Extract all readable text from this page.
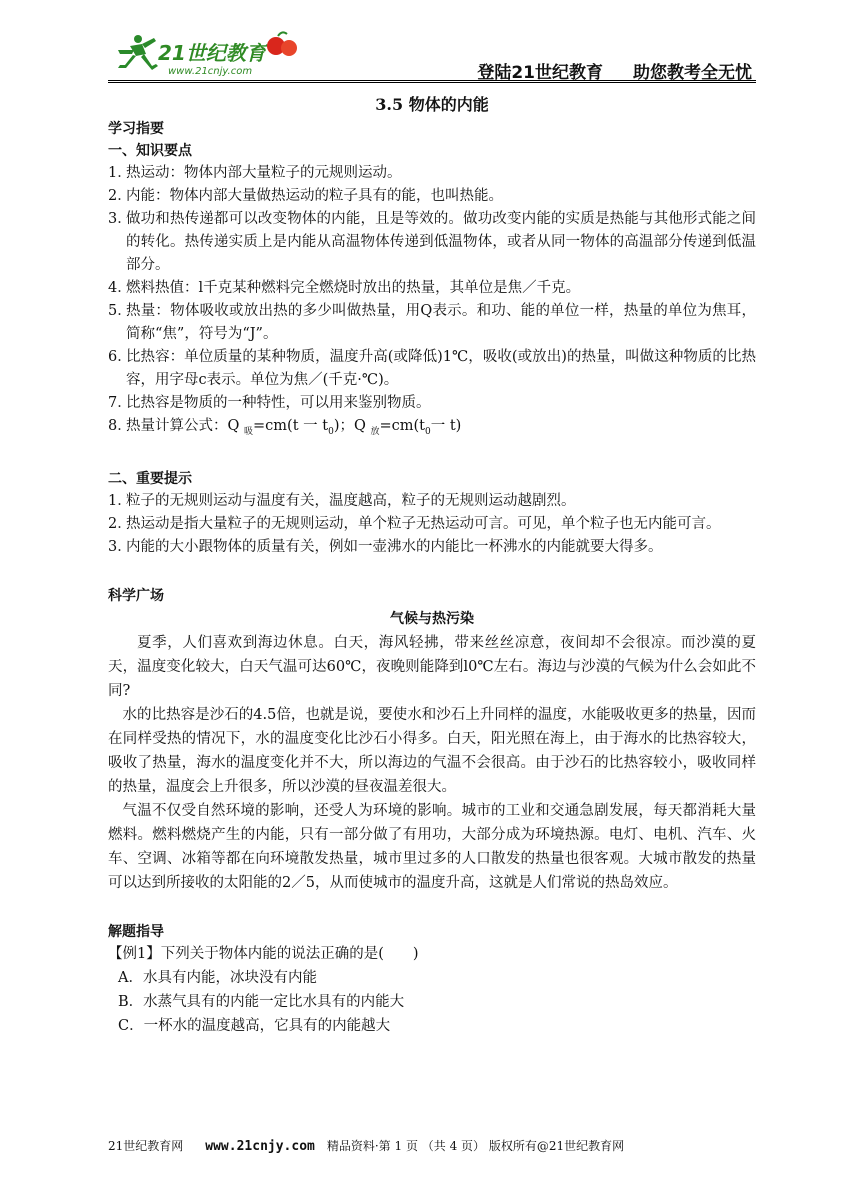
21世纪教育
www.21cnjy.com	登陆21世纪教育 助您教考全无忧

3.5 物体的内能

学习指要

一、知识要点

1．
热运动：物体内部大量粒子的元规则运动。
2．
内能：物体内部大量做热运动的粒子具有的能，也叫热能。
3．
做功和热传递都可以改变物体的内能，且是等效的。做功改变内能的实质是热能与其他形式能之间的转化。热传递实质上是内能从高温物体传递到低温物体，或者从同一物体的高温部分传递到低温部分。
4．
燃料热值：l千克某种燃料完全燃烧时放出的热量，其单位是焦／千克。
5．
热量：物体吸收或放出热的多少叫做热量，用Q表示。和功、能的单位一样，热量的单位为焦耳，简称“焦”，符号为“J”。
6．
比热容：单位质量的某种物质，温度升高(或降低)1℃，吸收(或放出)的热量，叫做这种物质的比热容，用字母c表示。单位为焦／(千克·℃)。
7．
比热容是物质的一种特性，可以用来鉴别物质。
8．
热量计算公式：Q $_吸$=cm(t 一 $t_0$)；Q $_放=cm(t_0$一 t)

二、重要提示

1．
粒子的无规则运动与温度有关，温度越高，粒子的无规则运动越剧烈。
2．
热运动是指大量粒子的无规则运动，单个粒子无热运动可言。可见，单个粒子也无内能可言。
3．
内能的大小跟物体的质量有关，例如一壶沸水的内能比一杯沸水的内能就要大得多。

科学广场

气候与热污染

夏季，人们喜欢到海边休息。白天，海风轻拂，带来丝丝凉意，夜间却不会很凉。而沙漠的夏天，温度变化较大，白天气温可达60℃，夜晚则能降到l0℃左右。海边与沙漠的气候为什么会如此不同?

水的比热容是沙石的4.5倍，也就是说，要使水和沙石上升同样的温度，水能吸收更多的热量，因而在同样受热的情况下，水的温度变化比沙石小得多。白天，阳光照在海上，由于海水的比热容较大，吸收了热量，海水的温度变化并不大，所以海边的气温不会很高。由于沙石的比热容较小，吸收同样的热量，温度会上升很多，所以沙漠的昼夜温差很大。

气温不仅受自然环境的影响，还受人为环境的影响。城市的工业和交通急剧发展，每天都消耗大量燃料。燃料燃烧产生的内能，只有一部分做了有用功，大部分成为环境热源。电灯、电机、汽车、火车、空调、冰箱等都在向环境散发热量，城市里过多的人口散发的热量也很客观。大城市散发的热量可以达到所接收的太阳能的2／5，从而使城市的温度升高，这就是人们常说的热岛效应。

解题指导

【例1】下列关于物体内能的说法正确的是(　　)

A．水具有内能，冰块没有内能

B．水蒸气具有的内能一定比水具有的内能大

C．一杯水的温度越高，它具有的内能越大

21世纪教育网 www.21cnjy.com 精品资料·第 1 页 （共 4 页） 版权所有@21世纪教育网
